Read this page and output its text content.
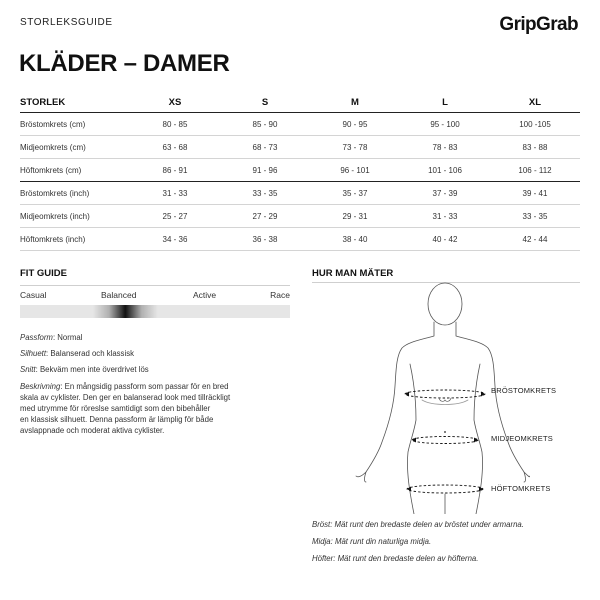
STORLEKSGUIDE	GripGrab
KLÄDER – DAMER
STORLEK	XS	S	M	L	XL
Bröstomkrets (cm)	80 - 85	85 - 90	90 - 95	95 - 100	100 -105
Midjeomkrets (cm)	63 - 68	68 - 73	73 - 78	78 - 83	83 - 88
Höftomkrets (cm)	86 - 91	91 - 96	96 - 101	101 - 106	106 - 112
Bröstomkrets (inch)	31 - 33	33 - 35	35 - 37	37 - 39	39 - 41
Midjeomkrets (inch)	25 - 27	27 - 29	29 - 31	31 - 33	33 - 35
Höftomkrets (inch)	34 - 36	36 - 38	38 - 40	40 - 42	42 - 44
FIT GUIDE
Casual	Balanced	Active	Race
Passform: Normal
Silhuett: Balanserad och klassisk
Snitt: Bekväm men inte överdrivet lös
Beskrivning: En mångsidig passform som passar för en bred
skala av cyklister. Den ger en balanserad look med tillräckligt
med utrymme för röreslse samtidigt som den bibehåller
en klassisk silhuett. Denna passform är lämplig för både
avslappnade och moderat aktiva cyklister.
HUR MAN MÄTER
BRÖSTOMKRETS
MIDJEOMKRETS
HÖFTOMKRETS
Bröst: Mät runt den bredaste delen av bröstet under armarna.
Midja: Mät runt din naturliga midja.
Höfter: Mät runt den bredaste delen av höfterna.
